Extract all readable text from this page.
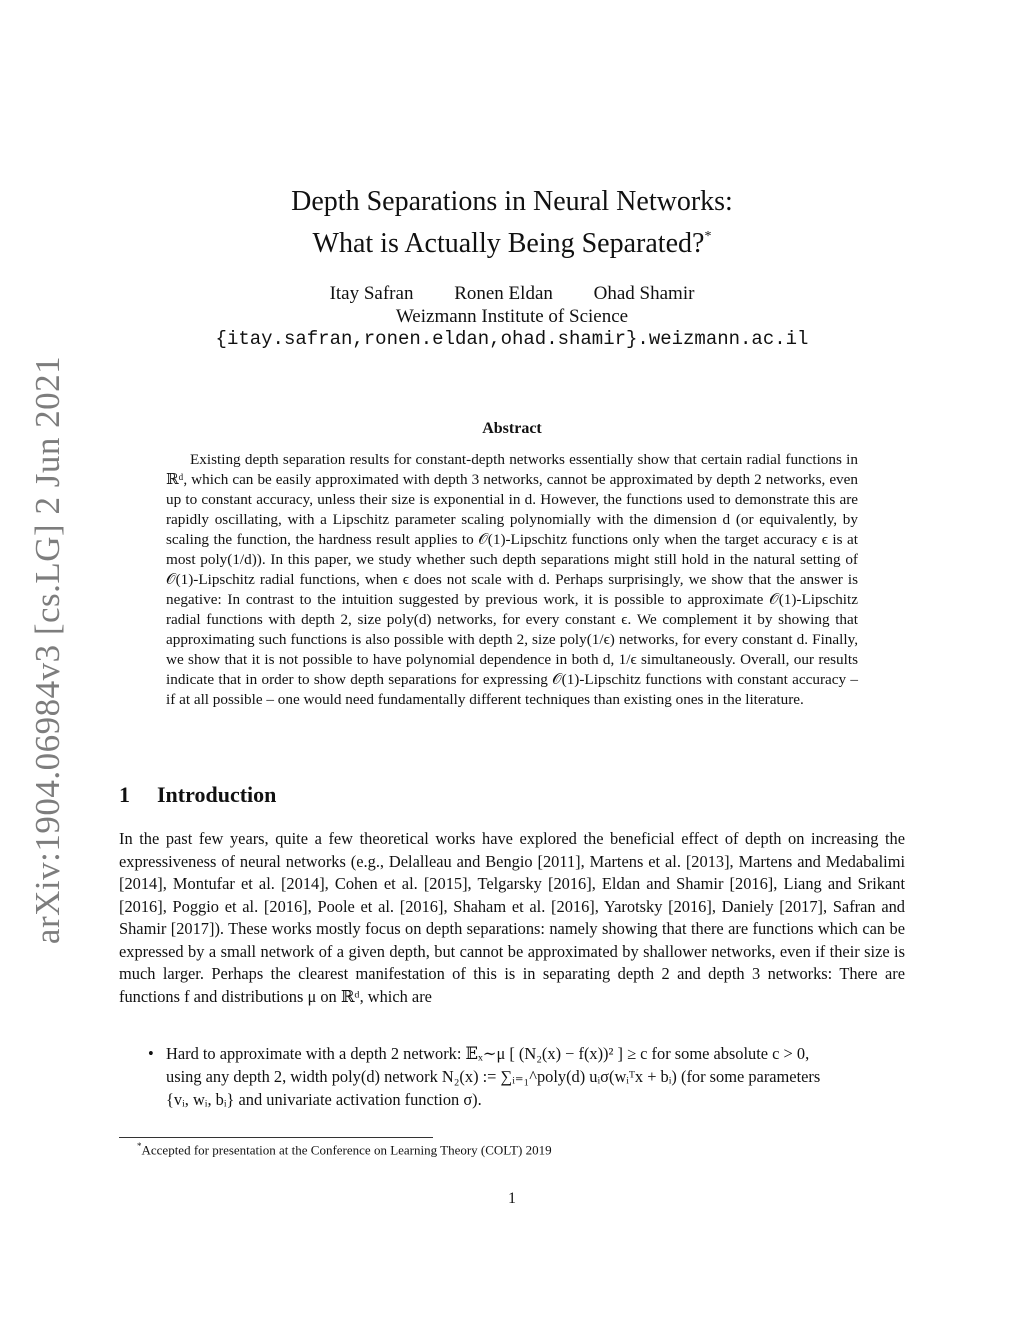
arXiv:1904.06984v3 [cs.LG] 2 Jun 2021
Depth Separations in Neural Networks:
What is Actually Being Separated?*
Itay Safran Ronen Eldan Ohad Shamir
Weizmann Institute of Science
{itay.safran,ronen.eldan,ohad.shamir}.weizmann.ac.il
Abstract

Existing depth separation results for constant-depth networks essentially show that certain radial functions in ℝᵈ, which can be easily approximated with depth 3 networks, cannot be approximated by depth 2 networks, even up to constant accuracy, unless their size is exponential in d. However, the functions used to demonstrate this are rapidly oscillating, with a Lipschitz parameter scaling polynomially with the dimension d (or equivalently, by scaling the function, the hardness result applies to 𝒪(1)-Lipschitz functions only when the target accuracy ϵ is at most poly(1/d)). In this paper, we study whether such depth separations might still hold in the natural setting of 𝒪(1)-Lipschitz radial functions, when ϵ does not scale with d. Perhaps surprisingly, we show that the answer is negative: In contrast to the intuition suggested by previous work, it is possible to approximate 𝒪(1)-Lipschitz radial functions with depth 2, size poly(d) networks, for every constant ϵ. We complement it by showing that approximating such functions is also possible with depth 2, size poly(1/ϵ) networks, for every constant d. Finally, we show that it is not possible to have polynomial dependence in both d, 1/ϵ simultaneously. Overall, our results indicate that in order to show depth separations for expressing 𝒪(1)-Lipschitz functions with constant accuracy – if at all possible – one would need fundamentally different techniques than existing ones in the literature.

1 Introduction

In the past few years, quite a few theoretical works have explored the beneficial effect of depth on increasing the expressiveness of neural networks (e.g., Delalleau and Bengio [2011], Martens et al. [2013], Martens and Medabalimi [2014], Montufar et al. [2014], Cohen et al. [2015], Telgarsky [2016], Eldan and Shamir [2016], Liang and Srikant [2016], Poggio et al. [2016], Poole et al. [2016], Shaham et al. [2016], Yarotsky [2016], Daniely [2017], Safran and Shamir [2017]). These works mostly focus on depth separations: namely showing that there are functions which can be expressed by a small network of a given depth, but cannot be approximated by shallower networks, even if their size is much larger. Perhaps the clearest manifestation of this is in separating depth 2 and depth 3 networks: There are functions f and distributions μ on ℝᵈ, which are

• Hard to approximate with a depth 2 network: 𝔼ₓ∼μ [ (N₂(x) − f(x))² ] ≥ c for some absolute c > 0,
using any depth 2, width poly(d) network N₂(x) := ∑ᵢ₌₁^poly(d) uᵢσ(wᵢᵀx + bᵢ) (for some parameters
{vᵢ, wᵢ, bᵢ} and univariate activation function σ).
*Accepted for presentation at the Conference on Learning Theory (COLT) 2019
1
